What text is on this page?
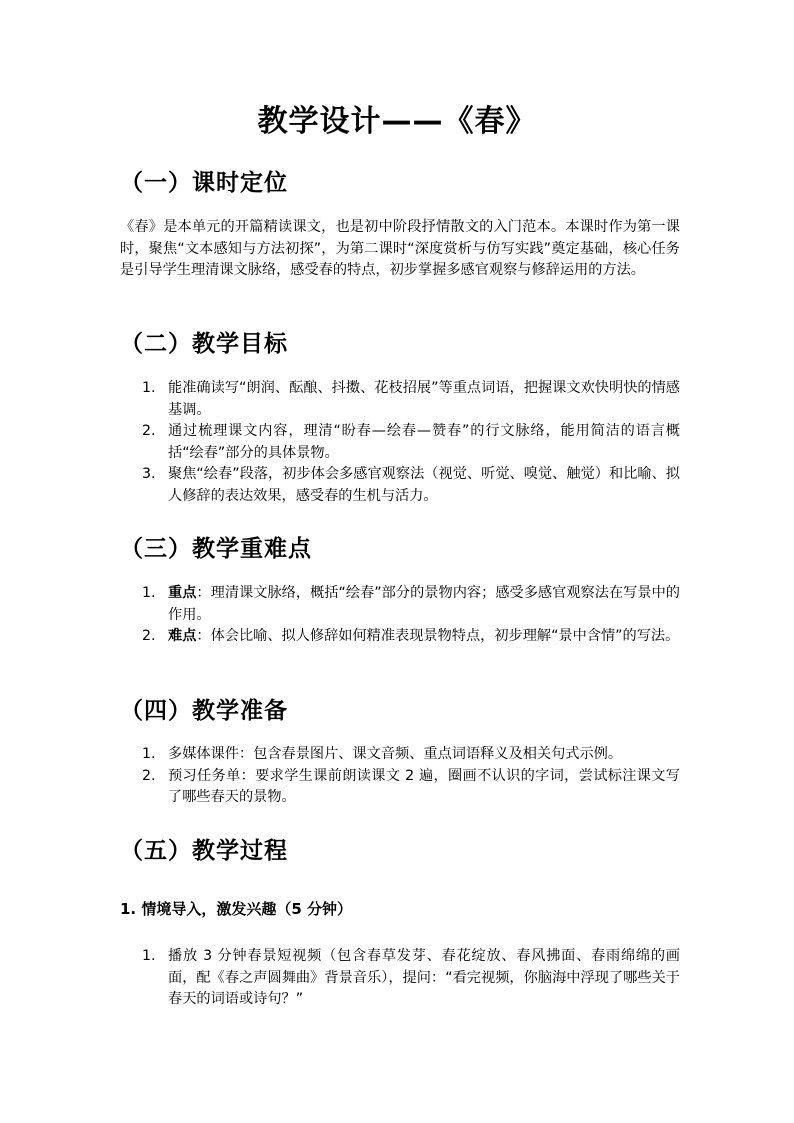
教学设计——《春》
（一）课时定位
《春》是本单元的开篇精读课文，也是初中阶段抒情散文的入门范本。本课时作为第一课时，聚焦“文本感知与方法初探”，为第二课时“深度赏析与仿写实践”奠定基础，核心任务是引导学生理清课文脉络，感受春的特点，初步掌握多感官观察与修辞运用的方法。
（二）教学目标
1. 能准确读写“朗润、酝酿、抖擞、花枝招展”等重点词语，把握课文欢快明快的情感基调。
2. 通过梳理课文内容，理清“盼春—绘春—赞春”的行文脉络，能用简洁的语言概括“绘春”部分的具体景物。
3. 聚焦“绘春”段落，初步体会多感官观察法（视觉、听觉、嗅觉、触觉）和比喻、拟人修辞的表达效果，感受春的生机与活力。
（三）教学重难点
1. 重点：理清课文脉络，概括“绘春”部分的景物内容；感受多感官观察法在写景中的作用。
2. 难点：体会比喻、拟人修辞如何精准表现景物特点，初步理解“景中含情”的写法。
（四）教学准备
1. 多媒体课件：包含春景图片、课文音频、重点词语释义及相关句式示例。
2. 预习任务单：要求学生课前朗读课文 2 遍，圈画不认识的字词，尝试标注课文写了哪些春天的景物。
（五）教学过程
1. 情境导入，激发兴趣（5 分钟）
1. 播放 3 分钟春景短视频（包含春草发芽、春花绽放、春风拂面、春雨绵绵的画面，配《春之声圆舞曲》背景音乐），提问：“看完视频，你脑海中浮现了哪些关于春天的词语或诗句？”
